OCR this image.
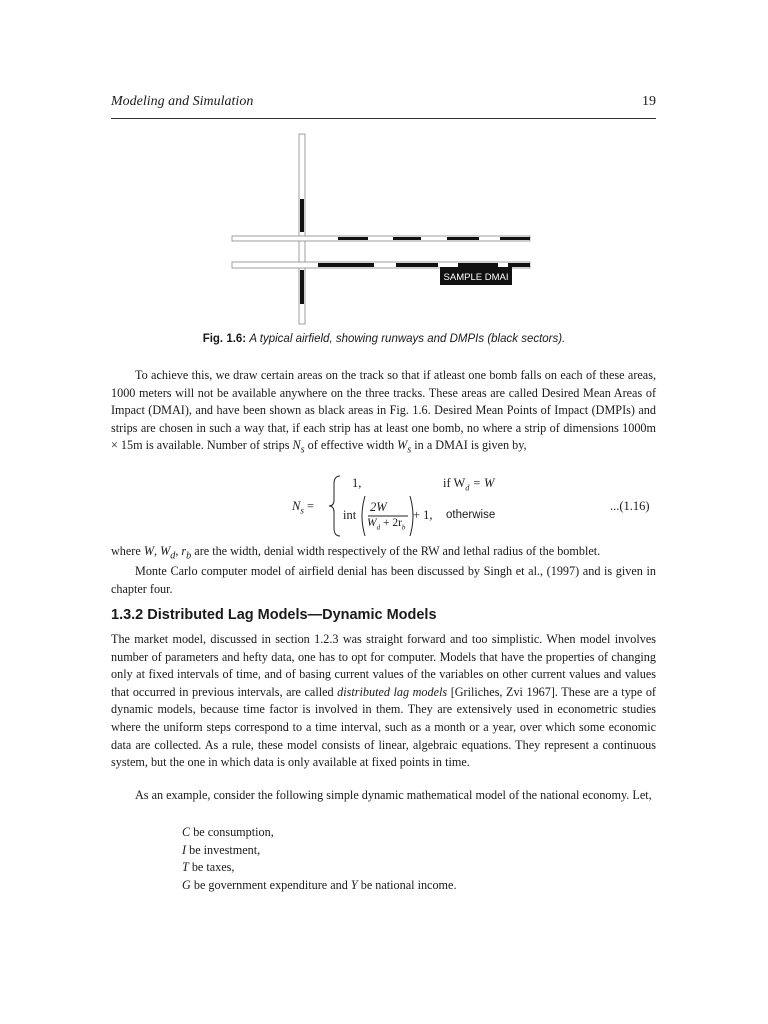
Modeling and Simulation	19
SAMPLE DMAI
Fig. 1.6: A typical airfield, showing runways and DMPIs (black sectors).
To achieve this, we draw certain areas on the track so that if atleast one bomb falls on each of these areas, 1000 meters will not be available anywhere on the three tracks. These areas are called Desired Mean Areas of Impact (DMAI), and have been shown as black areas in Fig. 1.6. Desired Mean Points of Impact (DMPIs) and strips are chosen in such a way that, if each strip has at least one bomb, no where a strip of dimensions 1000m × 15m is available. Number of strips $N_s$ of effective width $W_s$ in a DMAI is given by,
$N_s$ =
1,	if $W_d = W$
int
2W
$W_d + 2r_b$
+ 1, otherwise
...(1.16)
where W, $W_d$, $r_b$ are the width, denial width respectively of the RW and lethal radius of the bomblet.
Monte Carlo computer model of airfield denial has been discussed by Singh et al., (1997) and is given in chapter four.
1.3.2 Distributed Lag Models—Dynamic Models
The market model, discussed in section 1.2.3 was straight forward and too simplistic. When model involves number of parameters and hefty data, one has to opt for computer. Models that have the properties of changing only at fixed intervals of time, and of basing current values of the variables on other current values and values that occurred in previous intervals, are called distributed lag models [Griliches, Zvi 1967]. These are a type of dynamic models, because time factor is involved in them. They are extensively used in econometric studies where the uniform steps correspond to a time interval, such as a month or a year, over which some economic data are collected. As a rule, these model consists of linear, algebraic equations. They represent a continuous system, but the one in which data is only available at fixed points in time.
As an example, consider the following simple dynamic mathematical model of the national economy. Let,
C be consumption,
I be investment,
T be taxes,
G be government expenditure and Y be national income.
